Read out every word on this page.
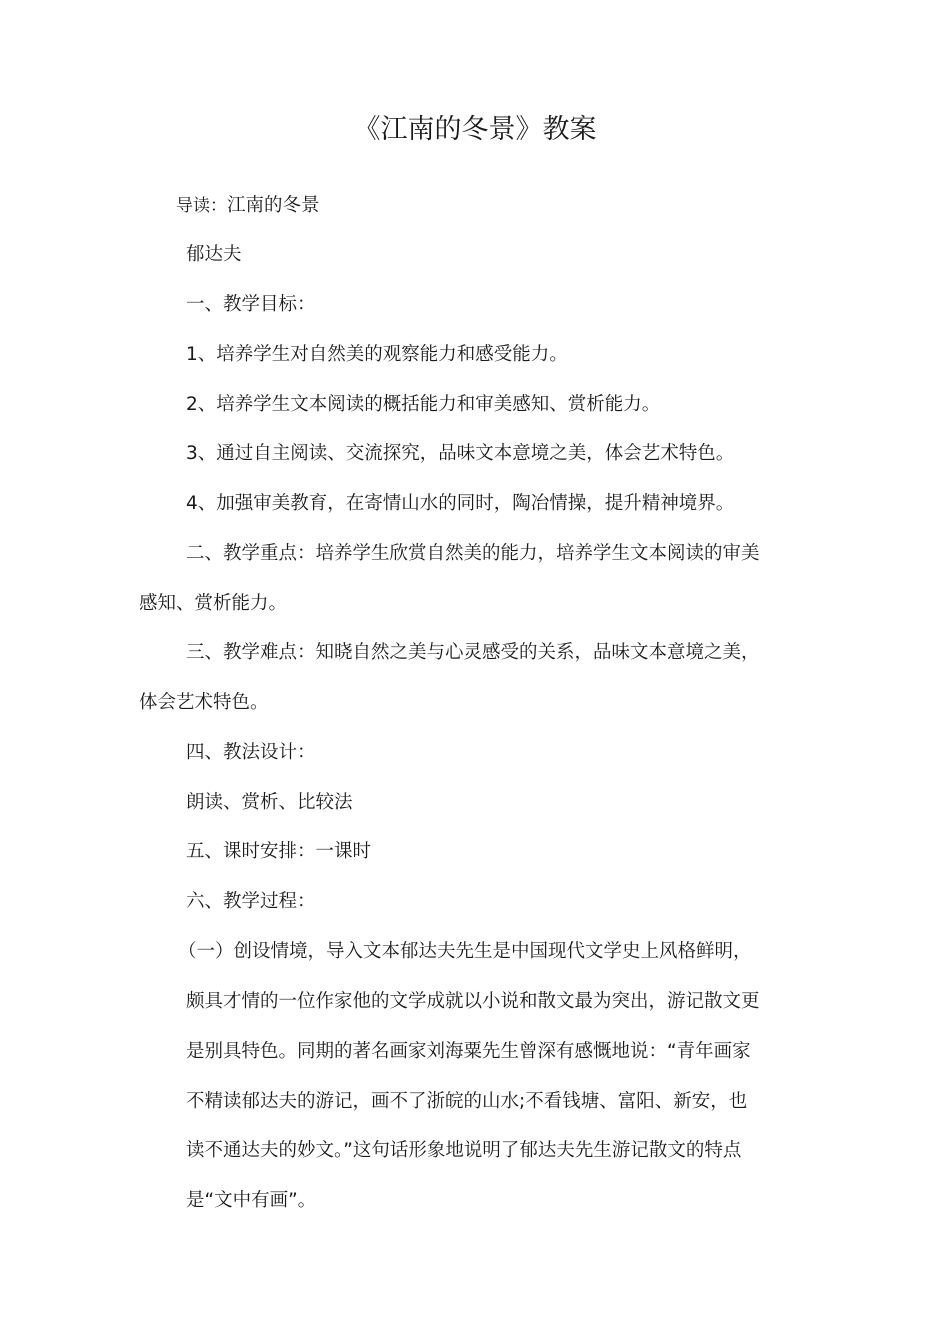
《江南的冬景》教案
导读：江南的冬景
郁达夫
一、教学目标：
1、培养学生对自然美的观察能力和感受能力。
2、培养学生文本阅读的概括能力和审美感知、赏析能力。
3、通过自主阅读、交流探究，品味文本意境之美，体会艺术特色。
4、加强审美教育，在寄情山水的同时，陶冶情操，提升精神境界。
二、教学重点：培养学生欣赏自然美的能力，培养学生文本阅读的审美
感知、赏析能力。
三、教学难点：知晓自然之美与心灵感受的关系，品味文本意境之美，
体会艺术特色。
四、教法设计：
朗读、赏析、比较法
五、课时安排：一课时
六、教学过程：
（一）创设情境，导入文本郁达夫先生是中国现代文学史上风格鲜明，
颇具才情的一位作家他的文学成就以小说和散文最为突出，游记散文更
是别具特色。同期的著名画家刘海粟先生曾深有感慨地说：“青年画家
不精读郁达夫的游记，画不了浙皖的山水;不看钱塘、富阳、新安，也
读不通达夫的妙文。”这句话形象地说明了郁达夫先生游记散文的特点
是“文中有画”。
